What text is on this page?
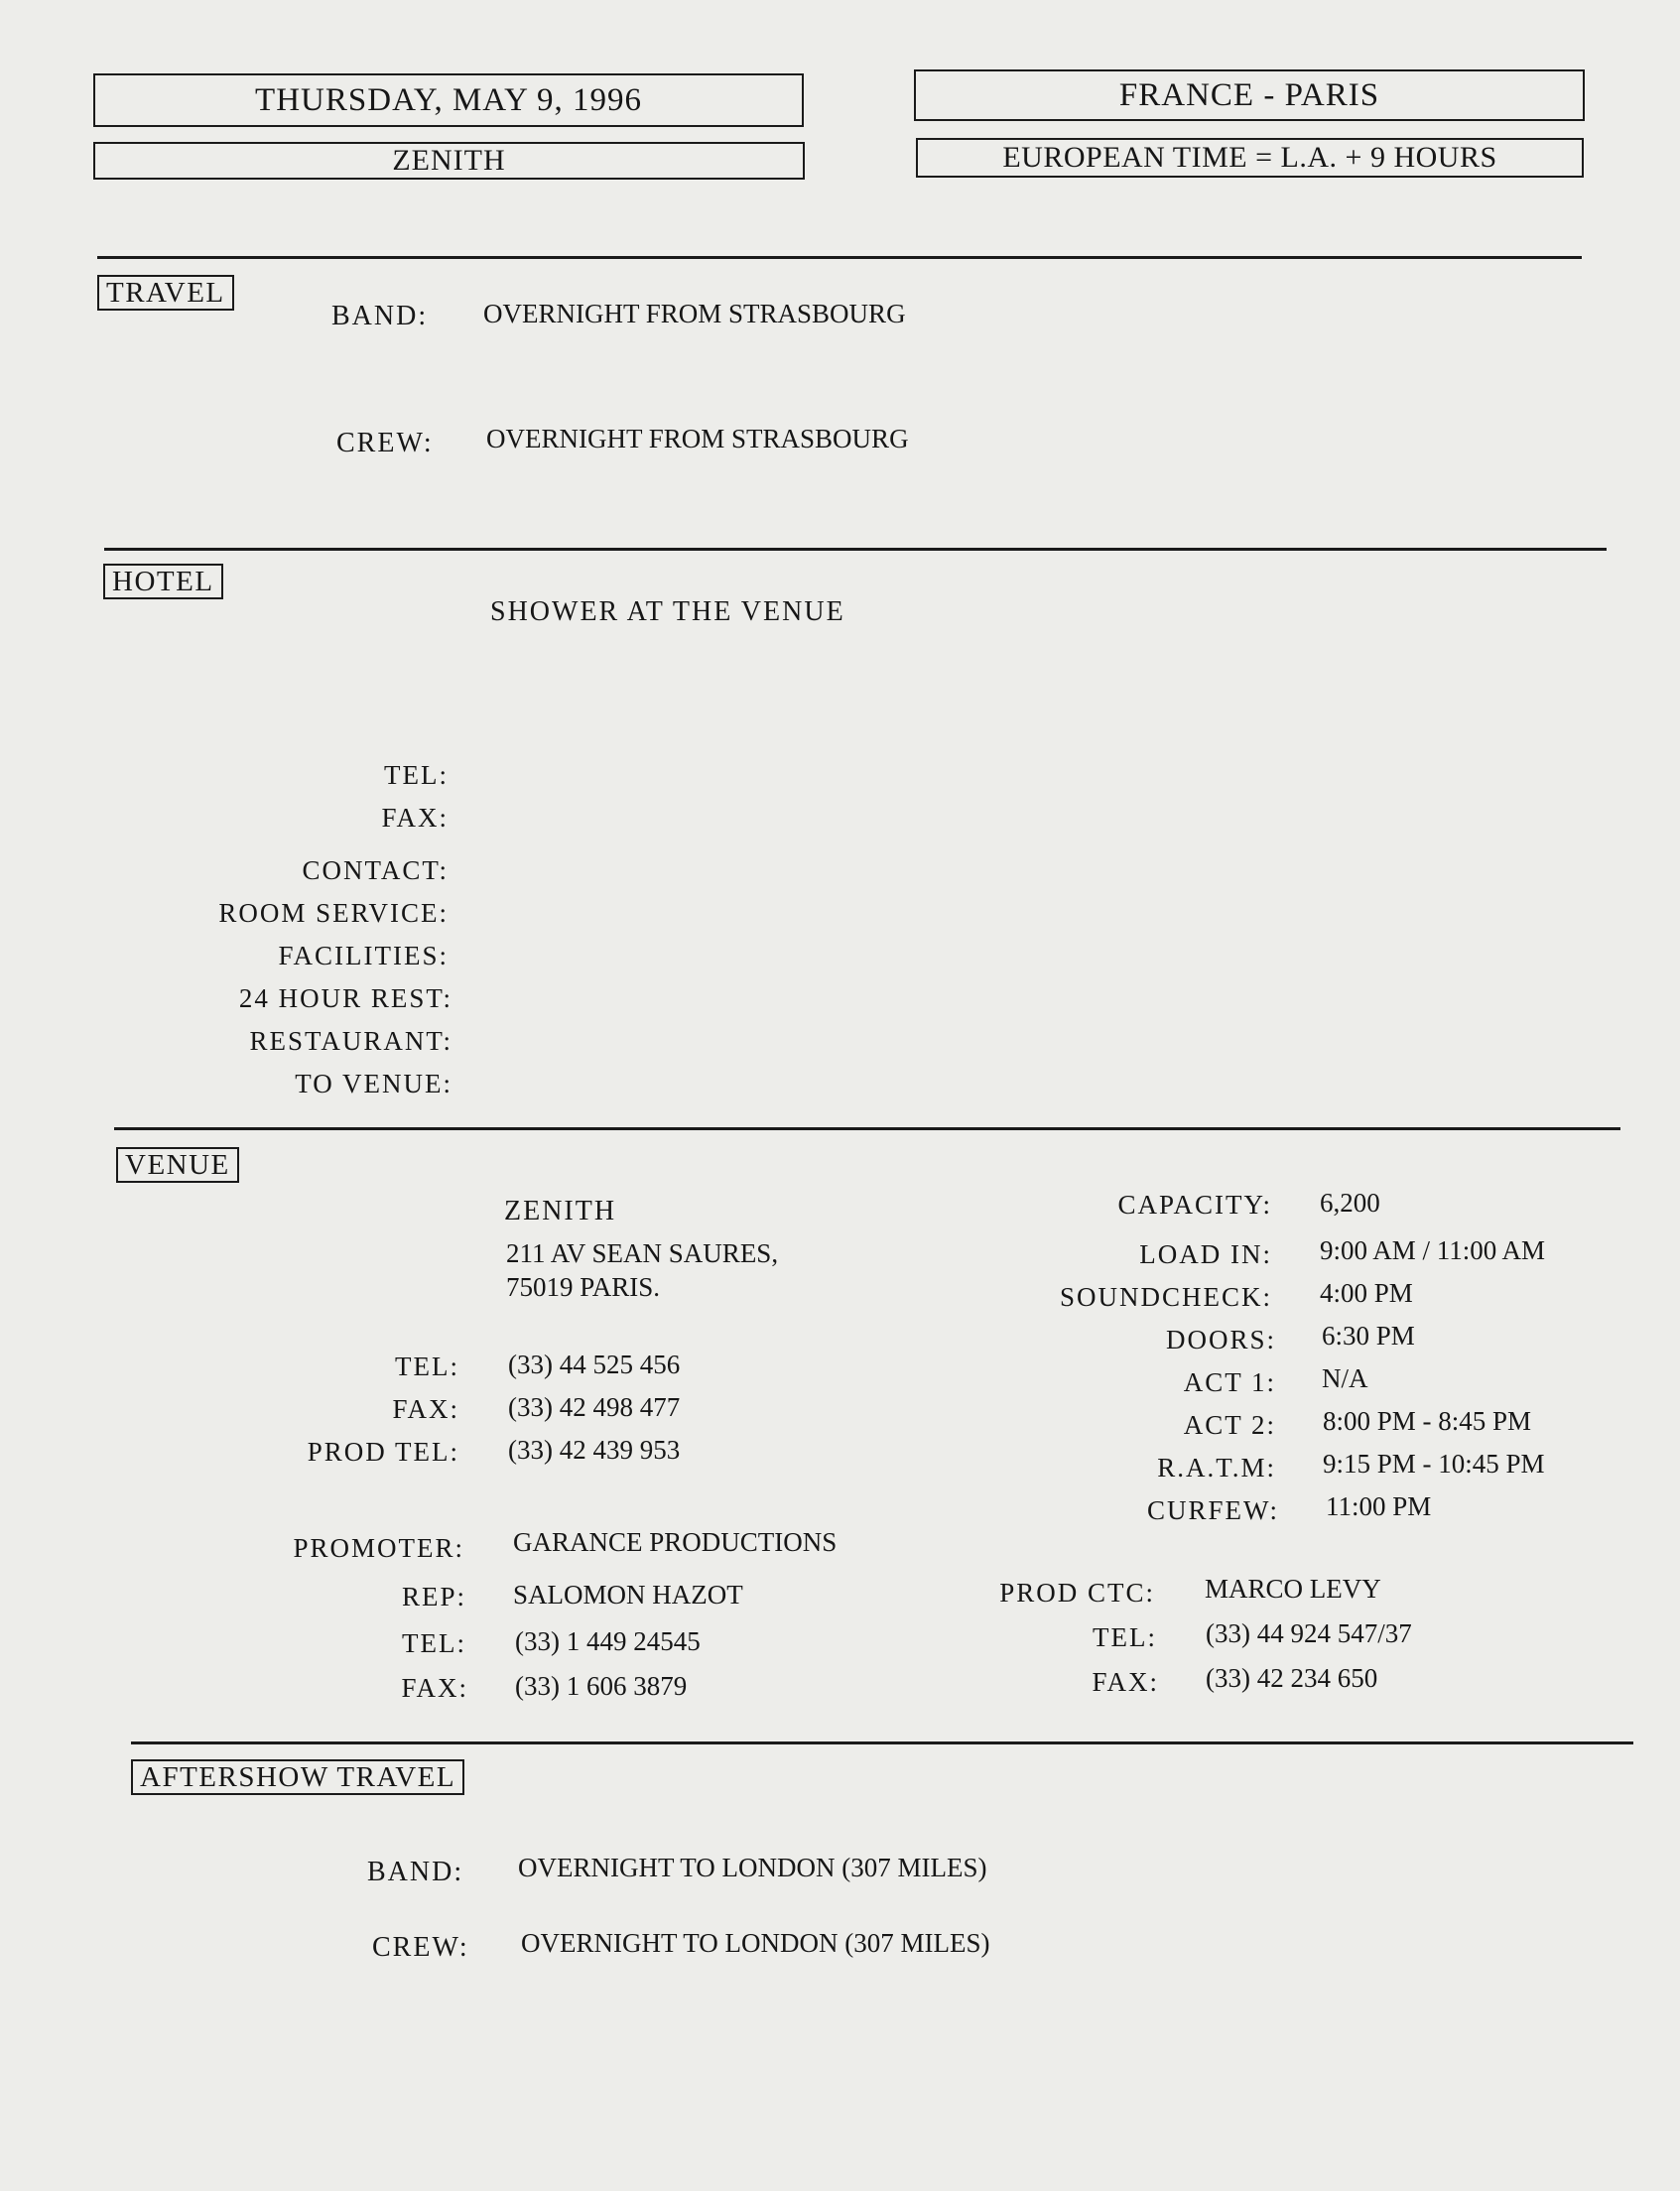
THURSDAY, MAY 9, 1996	FRANCE - PARIS
ZENITH	EUROPEAN TIME = L.A. + 9 HOURS
TRAVEL
BAND: OVERNIGHT FROM STRASBOURG
CREW: OVERNIGHT FROM STRASBOURG
HOTEL
SHOWER AT THE VENUE
TEL:
FAX:
CONTACT:
ROOM SERVICE:
FACILITIES:
24 HOUR REST:
RESTAURANT:
TO VENUE:
VENUE
ZENITH
211 AV SEAN SAURES,
75019 PARIS.
TEL: (33) 44 525 456
FAX: (33) 42 498 477
PROD TEL: (33) 42 439 953
CAPACITY: 6,200
LOAD IN: 9:00 AM / 11:00 AM
SOUNDCHECK: 4:00 PM
DOORS: 6:30 PM
ACT 1: N/A
ACT 2: 8:00 PM - 8:45 PM
R.A.T.M: 9:15 PM - 10:45 PM
CURFEW: 11:00 PM
PROMOTER: GARANCE PRODUCTIONS
REP: SALOMON HAZOT
TEL: (33) 1 449 24545
FAX: (33) 1 606 3879
PROD CTC: MARCO LEVY
TEL: (33) 44 924 547/37
FAX: (33) 42 234 650
AFTERSHOW TRAVEL
BAND: OVERNIGHT TO LONDON (307 MILES)
CREW: OVERNIGHT TO LONDON (307 MILES)
